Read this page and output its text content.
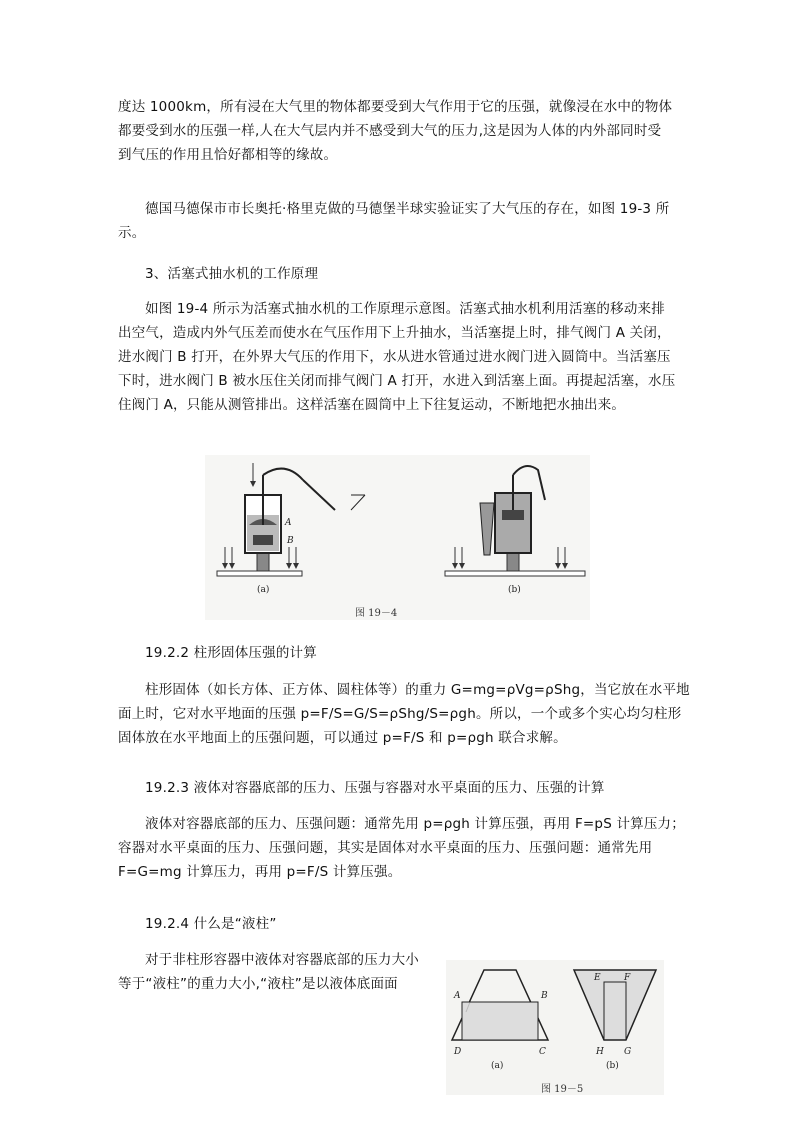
度达 1000km，所有浸在大气里的物体都要受到大气作用于它的压强，就像浸在水中的物体
都要受到水的压强一样,人在大气层内并不感受到大气的压力,这是因为人体的内外部同时受
到气压的作用且恰好都相等的缘故。
德国马德保市市长奥托·格里克做的马德堡半球实验证实了大气压的存在，如图 19-3 所
示。
3、活塞式抽水机的工作原理
如图 19-4 所示为活塞式抽水机的工作原理示意图。活塞式抽水机利用活塞的移动来排
出空气，造成内外气压差而使水在气压作用下上升抽水，当活塞提上时，排气阀门 A 关闭，
进水阀门 B 打开，在外界大气压的作用下，水从进水管通过进水阀门进入圆筒中。当活塞压
下时，进水阀门 B 被水压住关闭而排气阀门 A 打开，水进入到活塞上面。再提起活塞，水压
住阀门 A，只能从测管排出。这样活塞在圆筒中上下往复运动，不断地把水抽出来。
A
B
(a)
图 19－4
(b)
19.2.2 柱形固体压强的计算
柱形固体（如长方体、正方体、圆柱体等）的重力 G=mg=ρVg=ρShg，当它放在水平地
面上时，它对水平地面的压强 p=F/S=G/S=ρShg/S=ρgh。所以，一个或多个实心均匀柱形
固体放在水平地面上的压强问题，可以通过 p=F/S 和 p=ρgh 联合求解。
19.2.3 液体对容器底部的压力、压强与容器对水平桌面的压力、压强的计算
液体对容器底部的压力、压强问题：通常先用 p=ρgh 计算压强，再用 F=pS 计算压力；
容器对水平桌面的压力、压强问题，其实是固体对水平桌面的压力、压强问题：通常先用
F=G=mg 计算压力，再用 p=F/S 计算压强。
19.2.4 什么是“液柱”
对于非柱形容器中液体对容器底部的压力大小
等于“液柱”的重力大小,“液柱”是以液体底面面
A	B
D	C
(a)
E	F
H G
(b)
图 19－5
